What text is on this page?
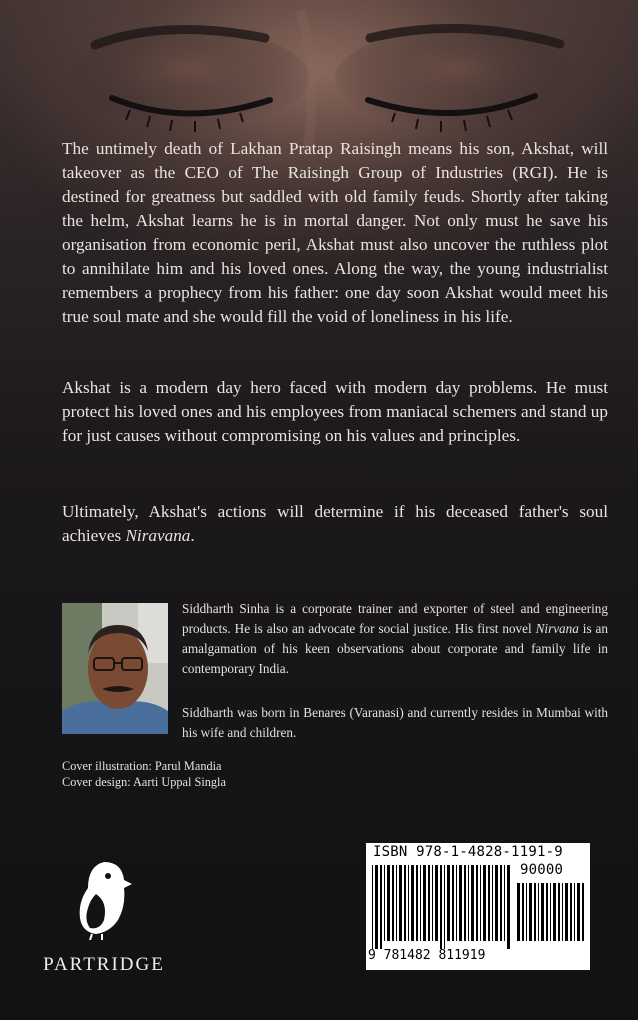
The untimely death of Lakhan Pratap Raisingh means his son, Akshat, will takeover as the CEO of The Raisingh Group of Industries (RGI). He is destined for greatness but saddled with old family feuds. Shortly after taking the helm, Akshat learns he is in mortal danger. Not only must he save his organisation from economic peril, Akshat must also uncover the ruthless plot to annihilate him and his loved ones. Along the way, the young industrialist remembers a prophecy from his father: one day soon Akshat would meet his true soul mate and she would fill the void of loneliness in his life.

Akshat is a modern day hero faced with modern day problems. He must protect his loved ones and his employees from maniacal schemers and stand up for just causes without compromising on his values and principles.

Ultimately, Akshat's actions will determine if his deceased father's soul achieves Niravana.

Siddharth Sinha is a corporate trainer and exporter of steel and engineering products. He is also an advocate for social justice. His first novel Nirvana is an amalgamation of his keen observations about corporate and family life in contemporary India.

Siddharth was born in Benares (Varanasi) and currently resides in Mumbai with his wife and children.

Cover illustration: Parul Mandia
Cover design: Aarti Uppal Singla
PARTRIDGE
ISBN 978-1-4828-1191-9
90000
9 781482 811919
